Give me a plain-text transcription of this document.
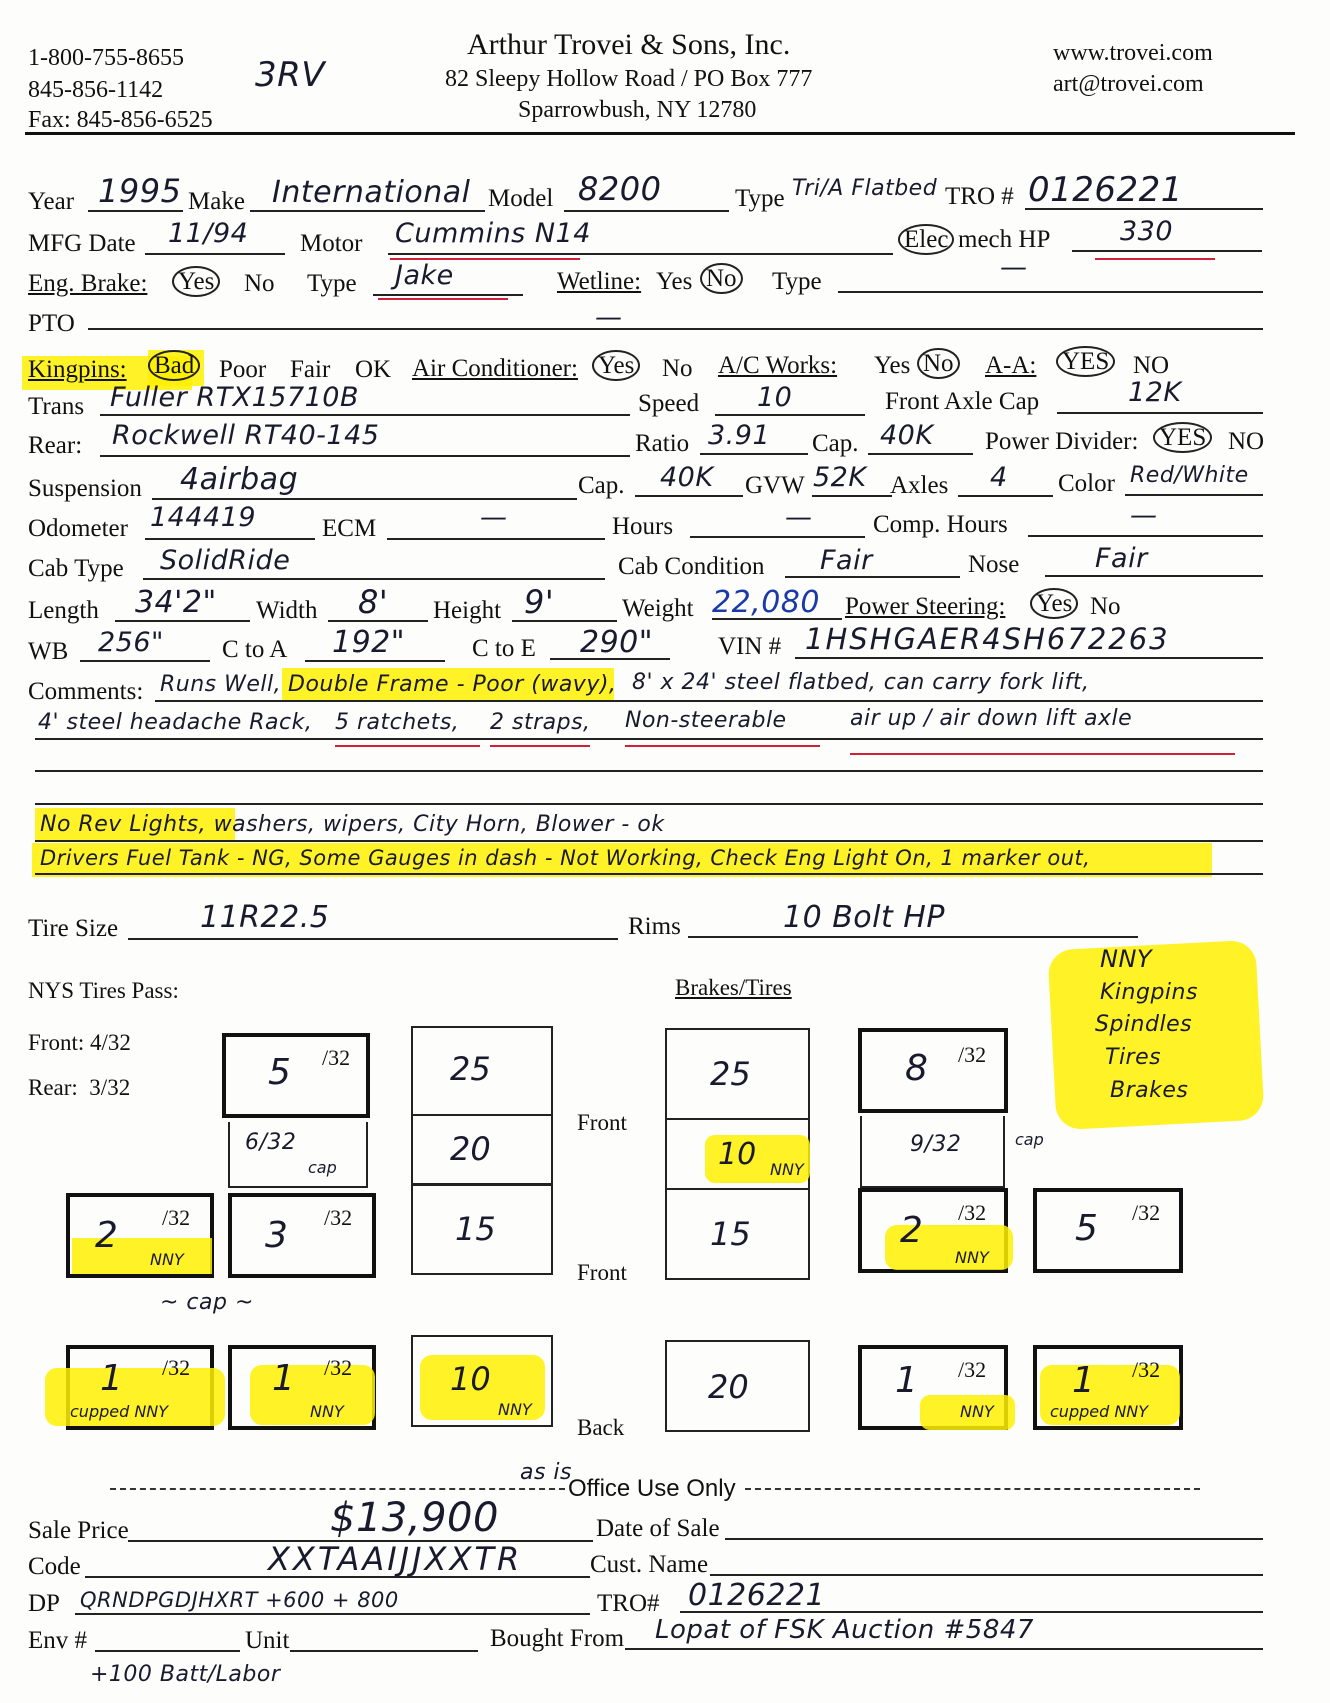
1-800-755-8655
845-856-1142
Fax: 845-856-6525
3RV
Arthur Trovei & Sons, Inc.
82 Sleepy Hollow Road / PO Box 777
Sparrowbush, NY 12780
www.trovei.com
art@trovei.com
Year 1995 Make International Model 8200	Type Tri/A Flatbed TRO # 0126221
MFG Date 11/94 Motor Cummins N14	Elec mech HP	330
Eng. Brake: Yes No Type Jake	Wetline: Yes No Type	—
PTO	—
Kingpins: Bad Poor Fair OK Air Conditioner: Yes No A/C Works: Yes No A-A: YES NO
Trans Fuller RTX15710B	Speed 10	Front Axle Cap	12K
Rear: Rockwell RT40-145	Ratio 3.91 Cap. 40K Power Divider: YES NO
Suspension 4airbag	Cap. 40K GVW 52K Axles 4 Color Red/White
Odometer 144419	ECM	—	Hours	— Comp. Hours	—
Cab Type SolidRide	Cab Condition Fair	Nose	Fair
Length 34'2" Width 8' Height 9'	Weight 22,080 Power Steering: Yes No
WB 256" C to A 192"	C to E 290"	VIN # 1HSHGAER4SH672263
Comments: Runs Well, Double Frame - Poor (wavy), 8' x 24' steel flatbed, can carry fork lift,
4' steel headache Rack, 5 ratchets, 2 straps, Non-steerable	air up / air down lift axle
No Rev Lights, washers, wipers, City Horn, Blower - ok
Drivers Fuel Tank - NG, Some Gauges in dash - Not Working, Check Eng Light On, 1 marker out,
Tire Size	11R22.5	Rims	10 Bolt HP
NYS Tires Pass:	Brakes/Tires
Front: 4/32
Rear:  3/32
NNY
Kingpins
Spindles
Tires
Brakes
5 /32
6/32
cap
2 /32
NNY
3 /32
~ cap ~
1 /32
cupped NNY
1 /32
NNY
25
20
15
10
NNY
Front
Front
Back
25
10 NNY
15
20
8 /32
9/32	cap
2 /32
NNY
5 /32
1 /32
NNY
1 /32
cupped NNY
as is
Office Use Only
Sale Price	$13,900	Date of Sale
Code	XXTAAIJJXXTR	Cust. Name
DP QRNDPGDJHXRT +600 + 800	TRO# 0126221
Env #	Unit	Bought From Lopat of FSK Auction #5847
+100 Batt/Labor
